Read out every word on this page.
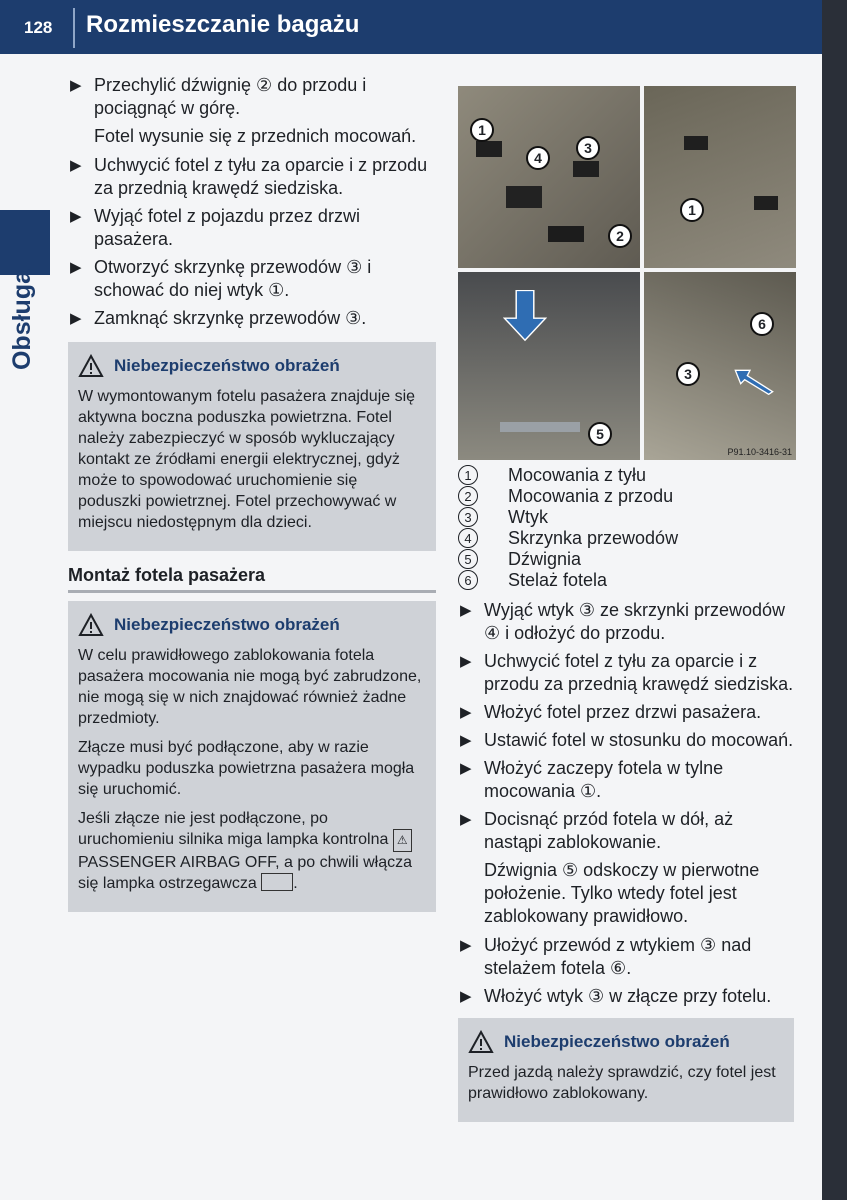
128 Rozmieszczanie bagażu
Obsługa
▶ Przechylić dźwignię ② do przodu i pociągnąć w górę.
Fotel wysunie się z przednich mocowań.
▶ Uchwycić fotel z tyłu za oparcie i z przodu za przednią krawędź siedziska.
▶ Wyjąć fotel z pojazdu przez drzwi pasażera.
▶ Otworzyć skrzynkę przewodów ③ i schować do niej wtyk ①.
▶ Zamknąć skrzynkę przewodów ③.
Niebezpieczeństwo obrażeń

W wymontowanym fotelu pasażera znajduje się aktywna boczna poduszka powietrzna. Fotel należy zabezpieczyć w sposób wykluczający kontakt ze źródłami energii elektrycznej, gdyż może to spowodować uruchomienie się poduszki powietrznej. Fotel przechowywać w miejscu niedostępnym dla dzieci.

Montaż fotela pasażera
Niebezpieczeństwo obrażeń

W celu prawidłowego zablokowania fotela pasażera mocowania nie mogą być zabrudzone, nie mogą się w nich znajdować również żadne przedmioty.

Złącze musi być podłączone, aby w razie wypadku poduszka powietrzna pasażera mogła się uruchomić.

Jeśli złącze nie jest podłączone, po uruchomieniu silnika miga lampka kontrolna ⚠PASSENGER AIRBAG OFF, a po chwili włącza się lampka ostrzegawcza .

P91.10-3416-31
1
4
3
2
1
6
3
5
1	Mocowania z tyłu
2	Mocowania z przodu
3	Wtyk
4	Skrzynka przewodów
5	Dźwignia
6	Stelaż fotela
▶ Wyjąć wtyk ③ ze skrzynki przewodów ④ i odłożyć do przodu.
▶ Uchwycić fotel z tyłu za oparcie i z przodu za przednią krawędź siedziska.
▶ Włożyć fotel przez drzwi pasażera.
▶ Ustawić fotel w stosunku do mocowań.
▶ Włożyć zaczepy fotela w tylne mocowania ①.
▶ Docisnąć przód fotela w dół, aż nastąpi zablokowanie.
Dźwignia ⑤ odskoczy w pierwotne położenie. Tylko wtedy fotel jest zablokowany prawidłowo.
▶ Ułożyć przewód z wtykiem ③ nad stelażem fotela ⑥.
▶ Włożyć wtyk ③ w złącze przy fotelu.
Niebezpieczeństwo obrażeń

Przed jazdą należy sprawdzić, czy fotel jest prawidłowo zablokowany.
